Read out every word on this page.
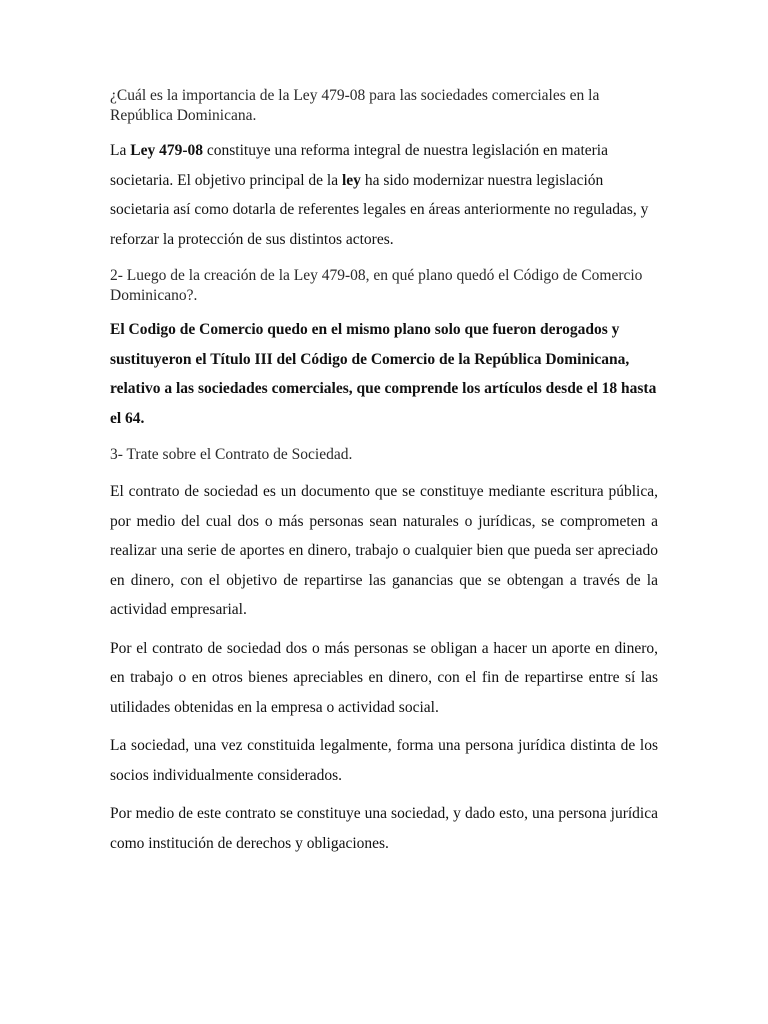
¿Cuál es la importancia de la Ley 479-08 para las sociedades comerciales en la República Dominicana.

La Ley 479-08 constituye una reforma integral de nuestra legislación en materia societaria. El objetivo principal de la ley ha sido modernizar nuestra legislación societaria así como dotarla de referentes legales en áreas anteriormente no reguladas, y reforzar la protección de sus distintos actores.

2- Luego de la creación de la Ley 479-08, en qué plano quedó el Código de Comercio Dominicano?.

El Codigo de Comercio quedo en el mismo plano solo que fueron derogados y sustituyeron el Título III del Código de Comercio de la República Dominicana, relativo a las sociedades comerciales, que comprende los artículos desde el 18 hasta el 64.

3- Trate sobre el Contrato de Sociedad.

El contrato de sociedad es un documento que se constituye mediante escritura pública, por medio del cual dos o más personas sean naturales o jurídicas, se comprometen a realizar una serie de aportes en dinero, trabajo o cualquier bien que pueda ser apreciado en dinero, con el objetivo de repartirse las ganancias que se obtengan a través de la actividad empresarial.

Por el contrato de sociedad dos o más personas se obligan a hacer un aporte en dinero, en trabajo o en otros bienes apreciables en dinero, con el fin de repartirse entre sí las utilidades obtenidas en la empresa o actividad social.

La sociedad, una vez constituida legalmente, forma una persona jurídica distinta de los socios individualmente considerados.

Por medio de este contrato se constituye una sociedad, y dado esto, una persona jurídica como institución de derechos y obligaciones.
